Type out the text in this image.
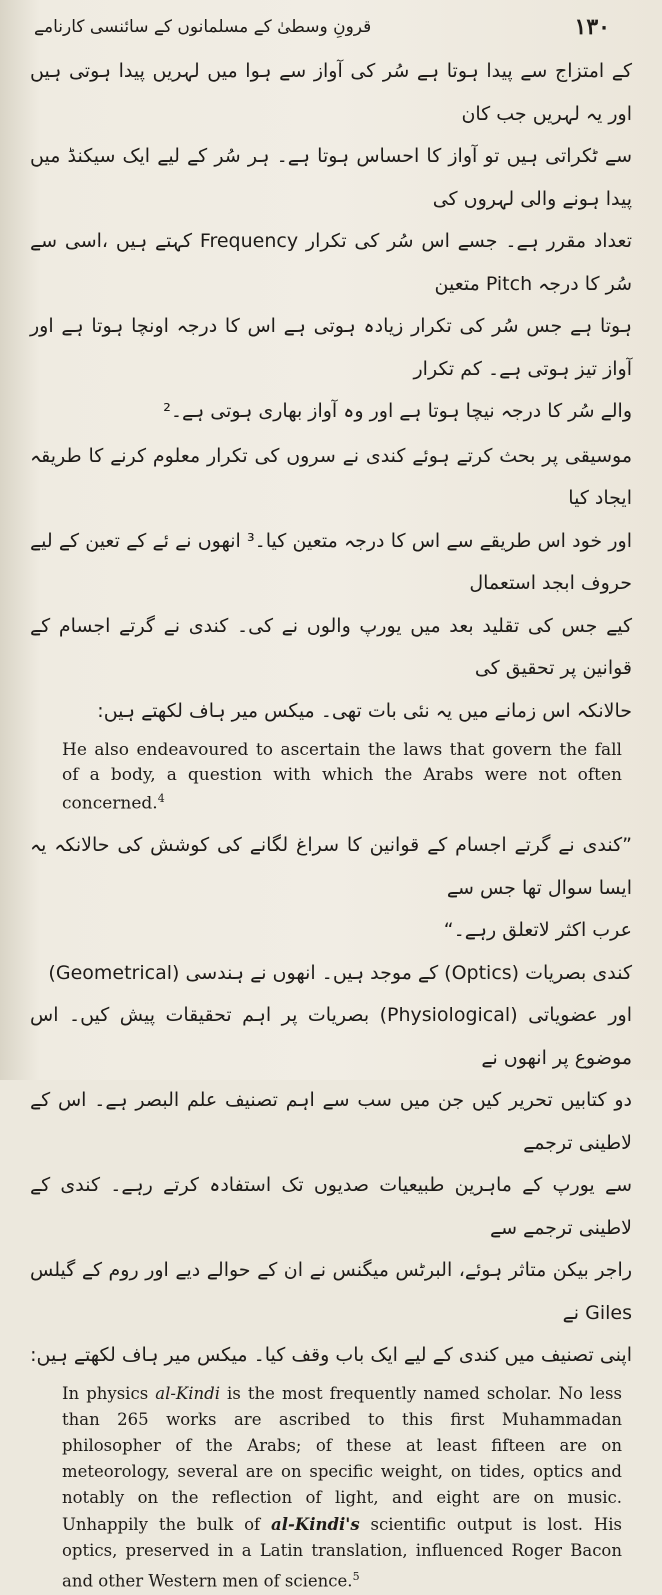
قرونِ وسطیٰ کے مسلمانوں کے سائنسی کارنامے	۱۳۰
کے امتزاج سے پیدا ہوتا ہے سُر کی آواز سے ہوا میں لہریں پیدا ہوتی ہیں اور یہ لہریں جب کان
سے ٹکراتی ہیں تو آواز کا احساس ہوتا ہے۔ ہر سُر کے لیے ایک سیکنڈ میں پیدا ہونے والی لہروں کی
تعداد مقرر ہے۔ جسے اس سُر کی تکرار Frequency کہتے ہیں ،اسی سے سُر کا درجہ Pitch متعین
ہوتا ہے جس سُر کی تکرار زیادہ ہوتی ہے اس کا درجہ اونچا ہوتا ہے اور آواز تیز ہوتی ہے۔ کم تکرار
والے سُر کا درجہ نیچا ہوتا ہے اور وہ آواز بھاری ہوتی ہے۔²
موسیقی پر بحث کرتے ہوئے کندی نے سروں کی تکرار معلوم کرنے کا طریقہ ایجاد کیا
اور خود اس طریقے سے اس کا درجہ متعین کیا۔³ انھوں نے ئے کے تعین کے لیے حروف ابجد استعمال
کیے جس کی تقلید بعد میں یورپ والوں نے کی۔ کندی نے گرتے اجسام کے قوانین پر تحقیق کی
حالانکہ اس زمانے میں یہ نئی بات تھی۔ میکس میر ہاف لکھتے ہیں:

He also endeavoured to ascertain the laws that govern the fall of a body, a question with which the Arabs were not often concerned.$^4$

”کندی نے گرتے اجسام کے قوانین کا سراغ لگانے کی کوشش کی حالانکہ یہ ایسا سوال تھا جس سے
عرب اکثر لاتعلق رہے۔“
کندی بصریات (Optics) کے موجد ہیں۔ انھوں نے ہندسی (Geometrical)
اور عضویاتی (Physiological) بصریات پر اہم تحقیقات پیش کیں۔ اس موضوع پر انھوں نے
دو کتابیں تحریر کیں جن میں سب سے اہم تصنیف علم البصر ہے۔ اس کے لاطینی ترجمے
سے یورپ کے ماہرین طبیعیات صدیوں تک استفادہ کرتے رہے۔ کندی کے لاطینی ترجمے سے
راجر بیکن متاثر ہوئے، البرٹس میگنس نے ان کے حوالے دیے اور روم کے گیلس Giles نے
اپنی تصنیف میں کندی کے لیے ایک باب وقف کیا۔ میکس میر ہاف لکھتے ہیں:

In physics al-Kindi is the most frequently named scholar. No less than 265 works are ascribed to this first Muhammadan philosopher of the Arabs; of these at least fifteen are on meteorology, several are on specific weight, on tides, optics and notably on the reflection of light, and eight are on music. Unhappily the bulk of al-Kindi's scientific output is lost. His optics, preserved in a Latin translation, influenced Roger Bacon and other Western men of science.$^5$
